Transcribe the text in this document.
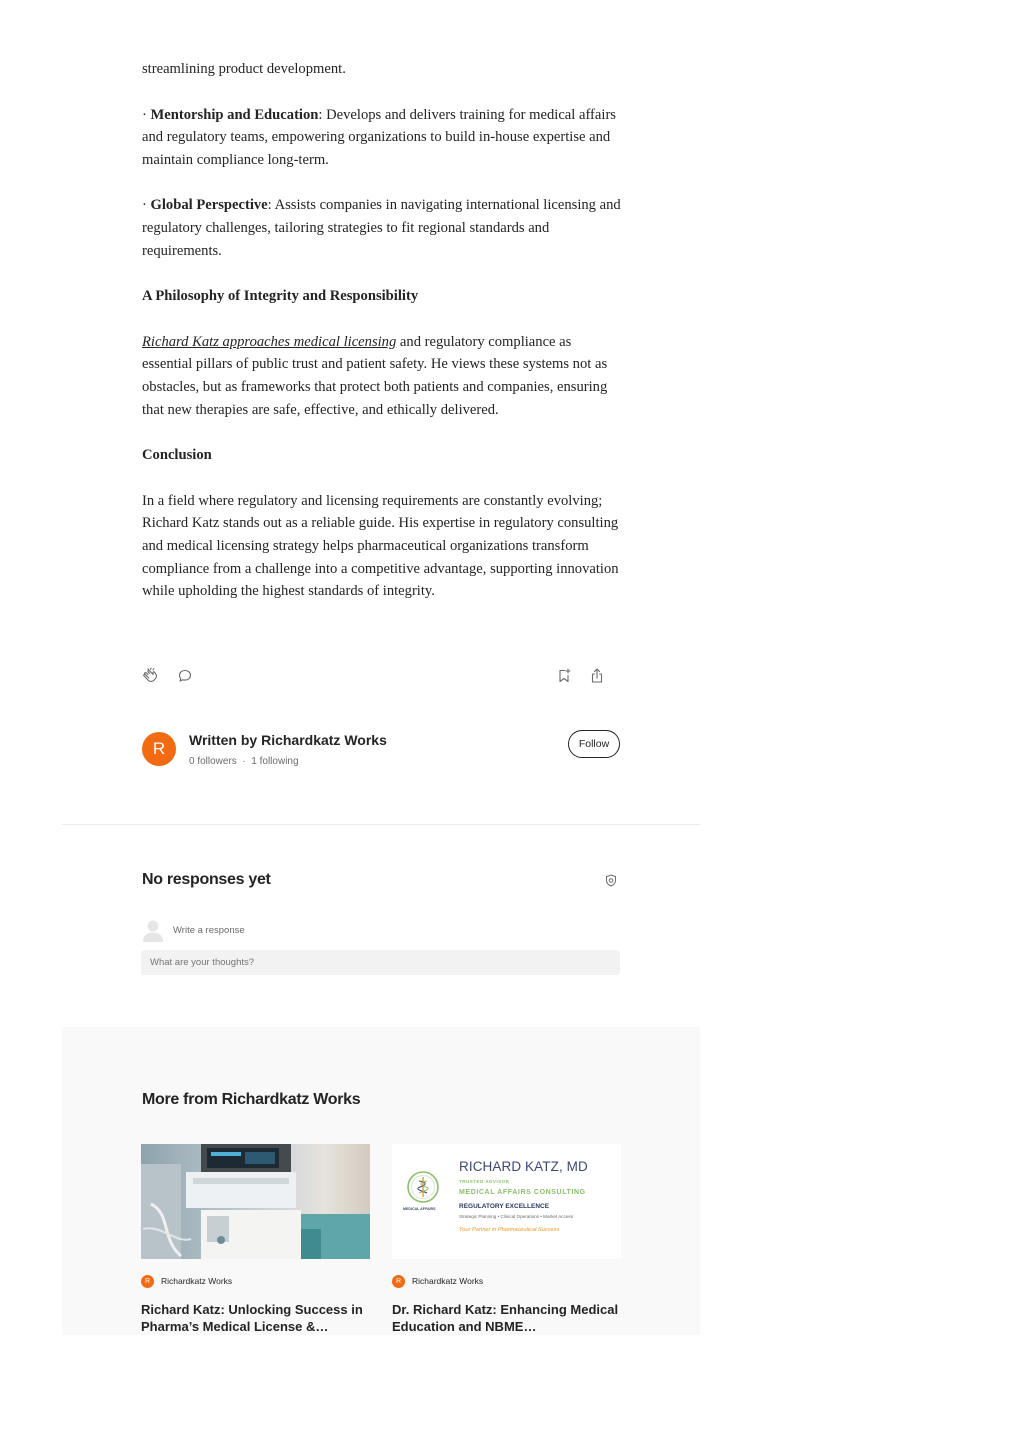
streamlining product development.

· Mentorship and Education: Develops and delivers training for medical affairs and regulatory teams, empowering organizations to build in-house expertise and maintain compliance long-term.

· Global Perspective: Assists companies in navigating international licensing and regulatory challenges, tailoring strategies to fit regional standards and requirements.

A Philosophy of Integrity and Responsibility

Richard Katz approaches medical licensing and regulatory compliance as essential pillars of public trust and patient safety. He views these systems not as obstacles, but as frameworks that protect both patients and companies, ensuring that new therapies are safe, effective, and ethically delivered.

Conclusion

In a field where regulatory and licensing requirements are constantly evolving; Richard Katz stands out as a reliable guide. His expertise in regulatory consulting and medical licensing strategy helps pharmaceutical organizations transform compliance from a challenge into a competitive advantage, supporting innovation while upholding the highest standards of integrity.

R	Written by Richardkatz Works
0 followers · 1 following
Follow
No responses yet
Write a response
What are your thoughts?
More from Richardkatz Works
R	Richardkatz Works
Richard Katz: Unlocking Success in Pharma’s Medical License &…
MEDICAL AFFAIRS
RICHARD KATZ, MD
TRUSTED ADVISOR
MEDICAL AFFAIRS CONSULTING
REGULATORY EXCELLENCE
Strategic Planning • Clinical Operations • Market Access
Your Partner in Pharmaceutical Success
R	Richardkatz Works
Dr. Richard Katz: Enhancing Medical Education and NBME…
